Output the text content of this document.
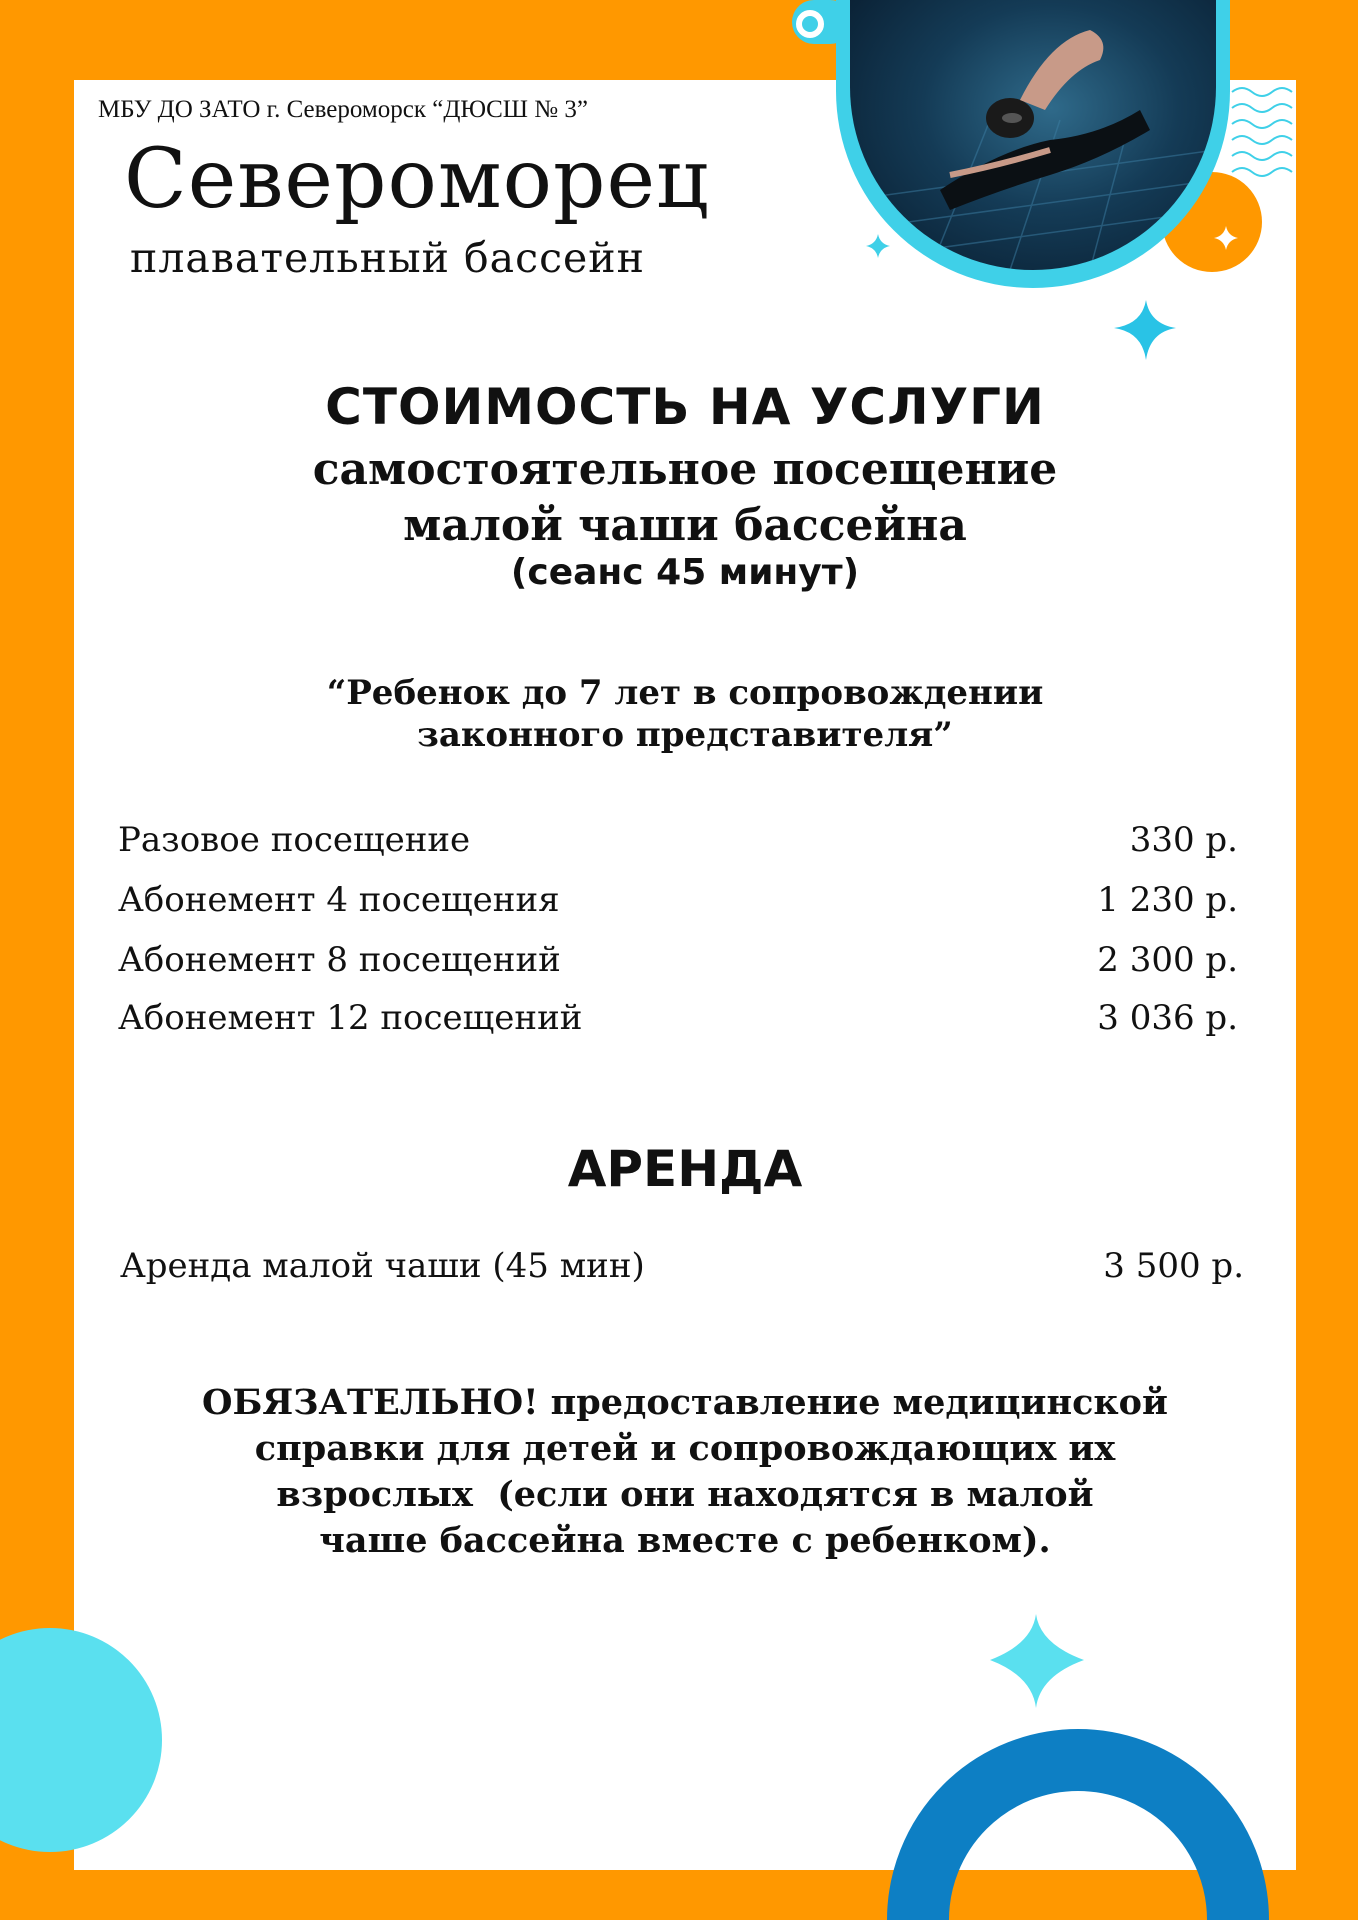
МБУ ДО ЗАТО г. Североморск “ДЮСШ № 3”
Североморец
плавательный бассейн
СТОИМОСТЬ НА УСЛУГИ
самостоятельное посещение
малой чаши бассейна
(сеанс 45 минут)
“Ребенок до 7 лет в сопровождении
законного представителя”
Разовое посещение	330 р.
Абонемент 4 посещения	1 230 р.
Абонемент 8 посещений	2 300 р.
Абонемент 12 посещений	3 036 р.
АРЕНДА
Аренда малой чаши (45 мин)	3 500 р.
ОБЯЗАТЕЛЬНО! предоставление медицинской
справки для детей и сопровождающих их
взрослых  (если они находятся в малой
чаше бассейна вместе с ребенком).
